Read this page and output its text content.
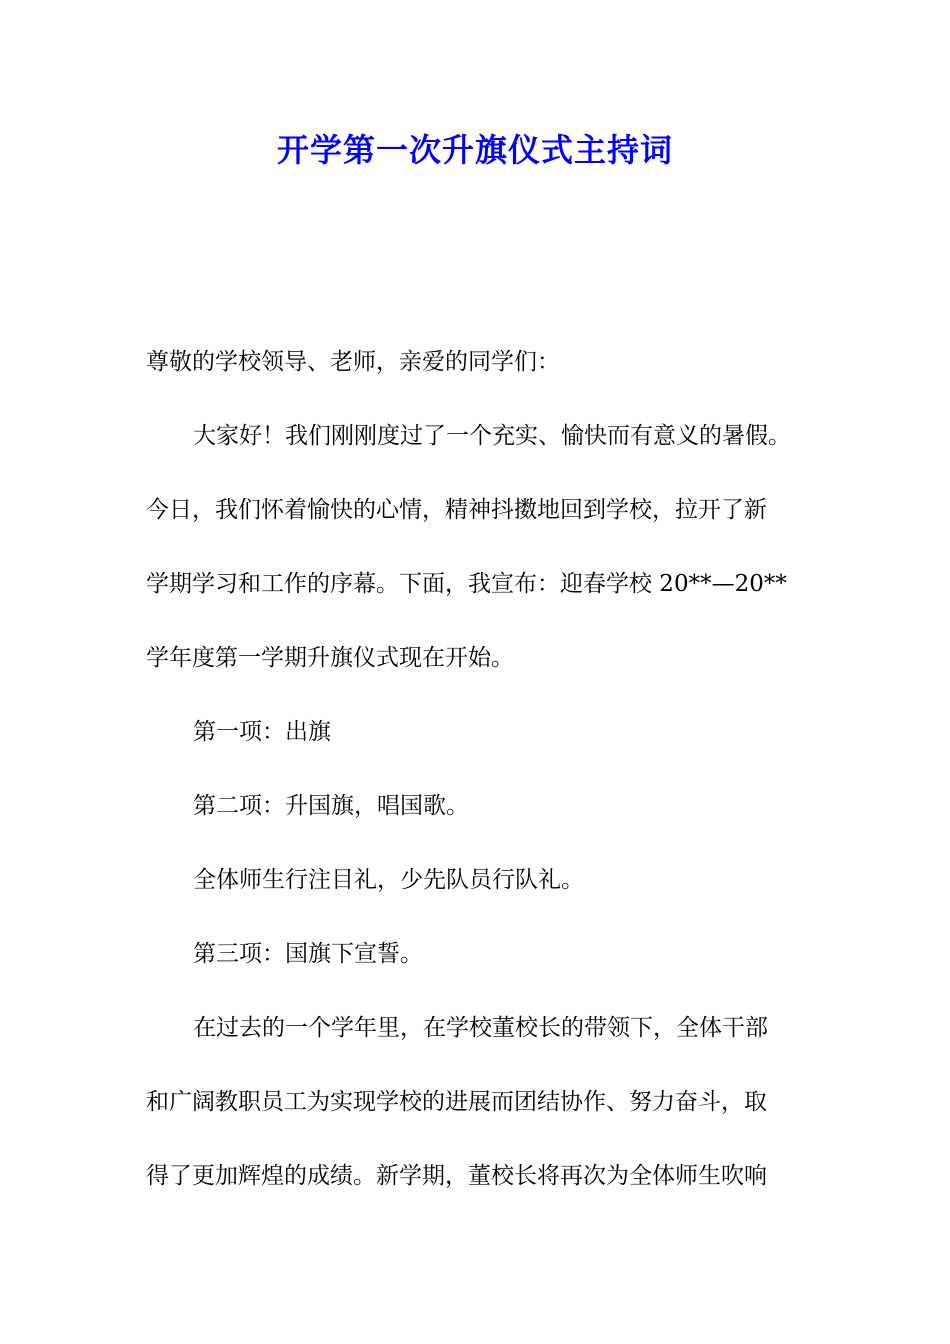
开学第一次升旗仪式主持词

尊敬的学校领导、老师，亲爱的同学们：

大家好！我们刚刚度过了一个充实、愉快而有意义的暑假。

今日，我们怀着愉快的心情，精神抖擞地回到学校，拉开了新

学期学习和工作的序幕。下面，我宣布：迎春学校 20**—20**

学年度第一学期升旗仪式现在开始。

第一项：出旗

第二项：升国旗，唱国歌。

全体师生行注目礼，少先队员行队礼。

第三项：国旗下宣誓。

在过去的一个学年里，在学校董校长的带领下，全体干部

和广阔教职员工为实现学校的进展而团结协作、努力奋斗，取

得了更加辉煌的成绩。新学期，董校长将再次为全体师生吹响
